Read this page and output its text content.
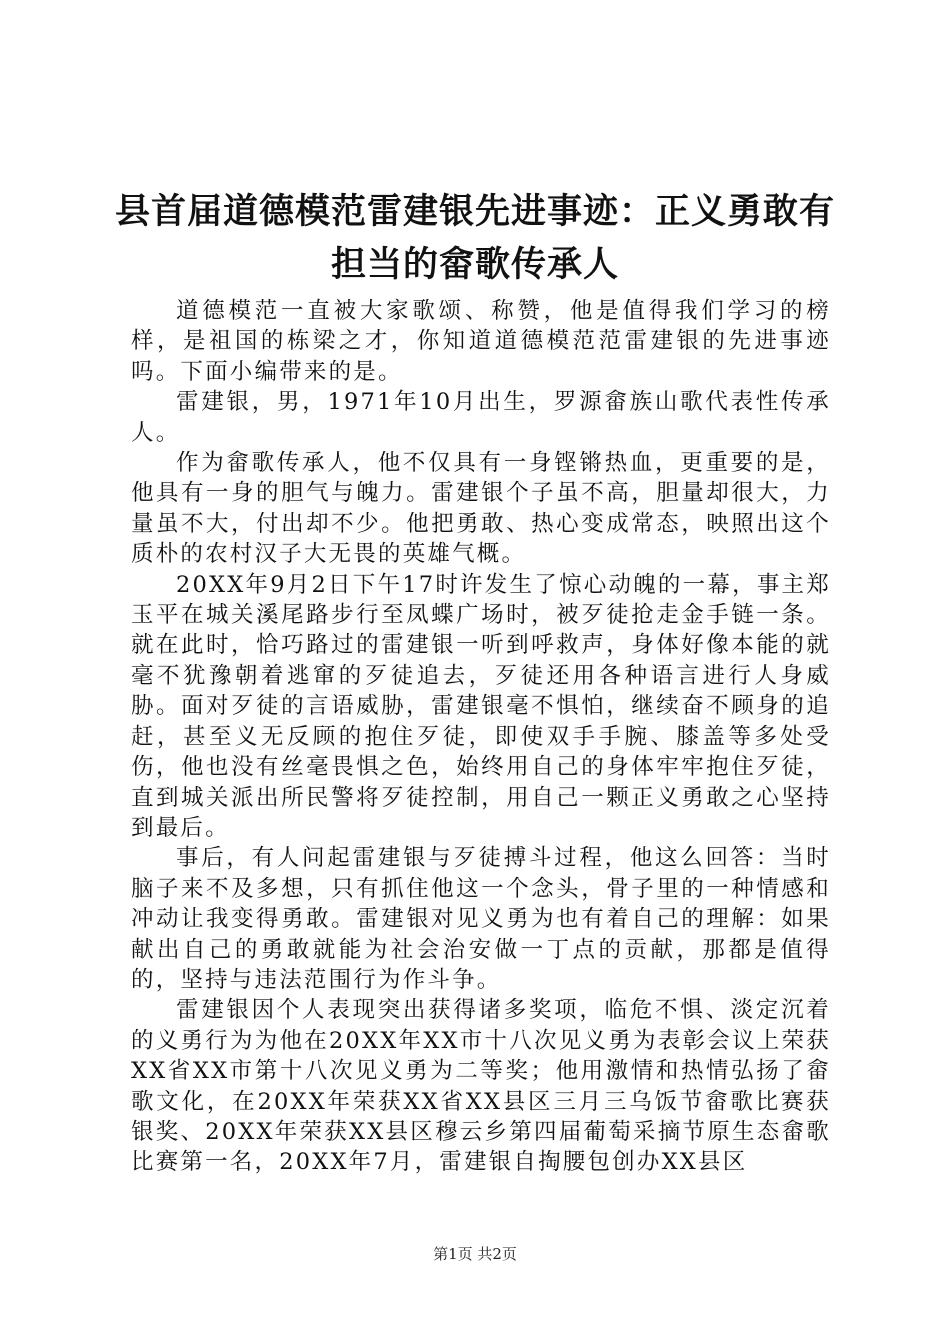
县首届道德模范雷建银先进事迹：正义勇敢有
担当的畲歌传承人

道德模范一直被大家歌颂、称赞，他是值得我们学习的榜样，是祖国的栋梁之才，你知道道德模范范雷建银的先进事迹吗。下面小编带来的是。

雷建银，男，1971年10月出生，罗源畲族山歌代表性传承人。

作为畲歌传承人，他不仅具有一身铿锵热血，更重要的是，他具有一身的胆气与魄力。雷建银个子虽不高，胆量却很大，力量虽不大，付出却不少。他把勇敢、热心变成常态，映照出这个质朴的农村汉子大无畏的英雄气概。

20XX年9月2日下午17时许发生了惊心动魄的一幕，事主郑玉平在城关溪尾路步行至凤蝶广场时，被歹徒抢走金手链一条。就在此时，恰巧路过的雷建银一听到呼救声，身体好像本能的就毫不犹豫朝着逃窜的歹徒追去，歹徒还用各种语言进行人身威胁。面对歹徒的言语威胁，雷建银毫不惧怕，继续奋不顾身的追赶，甚至义无反顾的抱住歹徒，即使双手手腕、膝盖等多处受伤，他也没有丝毫畏惧之色，始终用自己的身体牢牢抱住歹徒，直到城关派出所民警将歹徒控制，用自己一颗正义勇敢之心坚持到最后。

事后，有人问起雷建银与歹徒搏斗过程，他这么回答：当时脑子来不及多想，只有抓住他这一个念头，骨子里的一种情感和冲动让我变得勇敢。雷建银对见义勇为也有着自己的理解：如果献出自己的勇敢就能为社会治安做一丁点的贡献，那都是值得的，坚持与违法范围行为作斗争。

雷建银因个人表现突出获得诸多奖项，临危不惧、淡定沉着的义勇行为为他在20XX年XX市十八次见义勇为表彰会议上荣获XX省XX市第十八次见义勇为二等奖；他用激情和热情弘扬了畲歌文化，在20XX年荣获XX省XX县区三月三乌饭节畲歌比赛获银奖、20XX年荣获XX县区穆云乡第四届葡萄采摘节原生态畲歌比赛第一名，20XX年7月，雷建银自掏腰包创办XX县区

第1页 共2页
